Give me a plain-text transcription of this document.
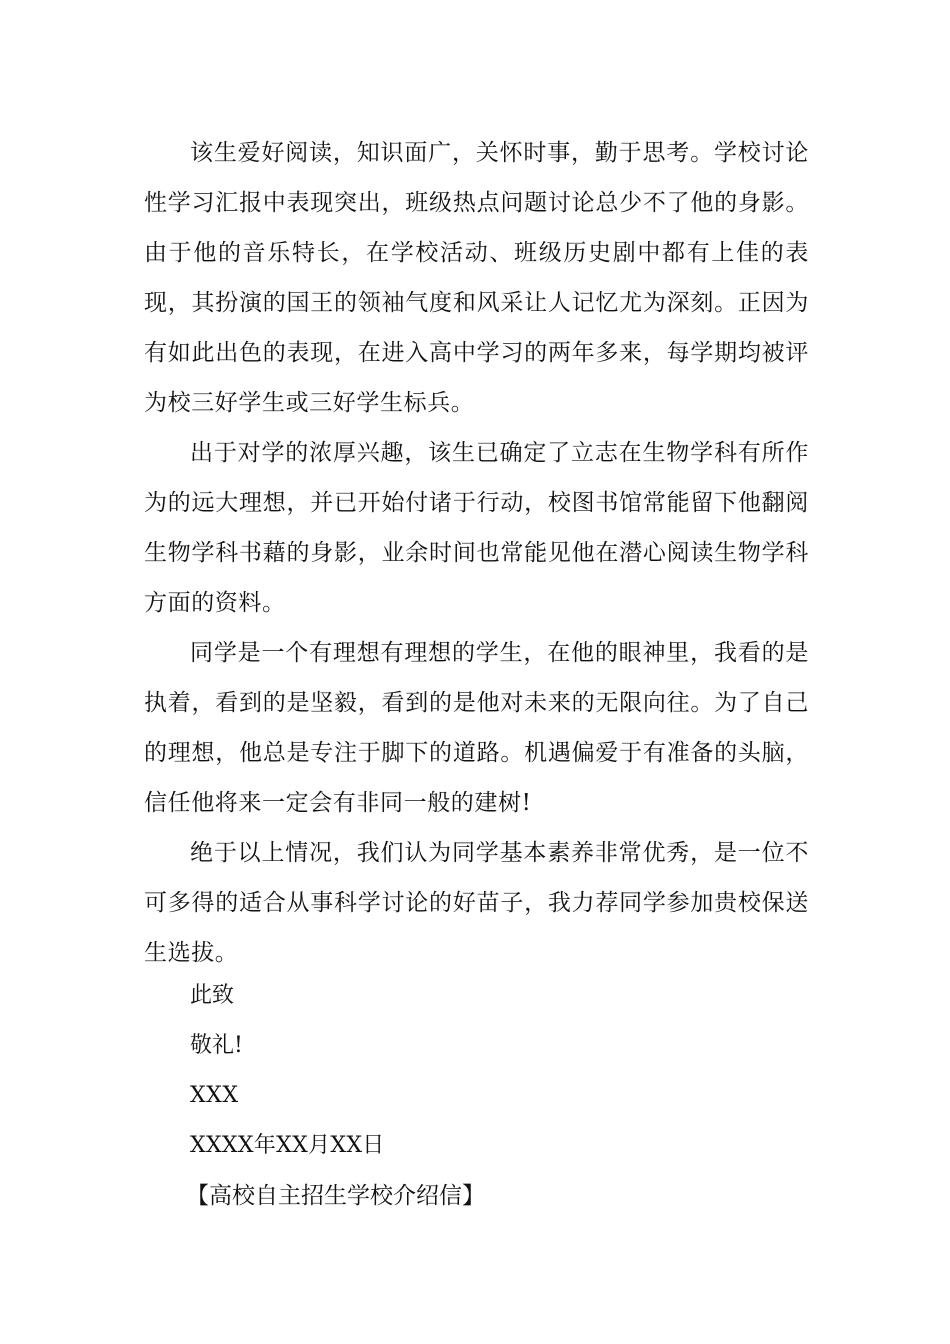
该生爱好阅读，知识面广，关怀时事，勤于思考。学校讨论性学习汇报中表现突出，班级热点问题讨论总少不了他的身影。由于他的音乐特长，在学校活动、班级历史剧中都有上佳的表现，其扮演的国王的领袖气度和风采让人记忆尤为深刻。正因为有如此出色的表现，在进入高中学习的两年多来，每学期均被评为校三好学生或三好学生标兵。

出于对学的浓厚兴趣，该生已确定了立志在生物学科有所作为的远大理想，并已开始付诸于行动，校图书馆常能留下他翻阅生物学科书藉的身影，业余时间也常能见他在潜心阅读生物学科方面的资料。

同学是一个有理想有理想的学生，在他的眼神里，我看的是执着，看到的是坚毅，看到的是他对未来的无限向往。为了自己的理想，他总是专注于脚下的道路。机遇偏爱于有准备的头脑，信任他将来一定会有非同一般的建树!

绝于以上情况，我们认为同学基本素养非常优秀，是一位不可多得的适合从事科学讨论的好苗子，我力荐同学参加贵校保送生选拔。

此致
敬礼!
XXX
XXXX年XX月XX日
【高校自主招生学校介绍信】
